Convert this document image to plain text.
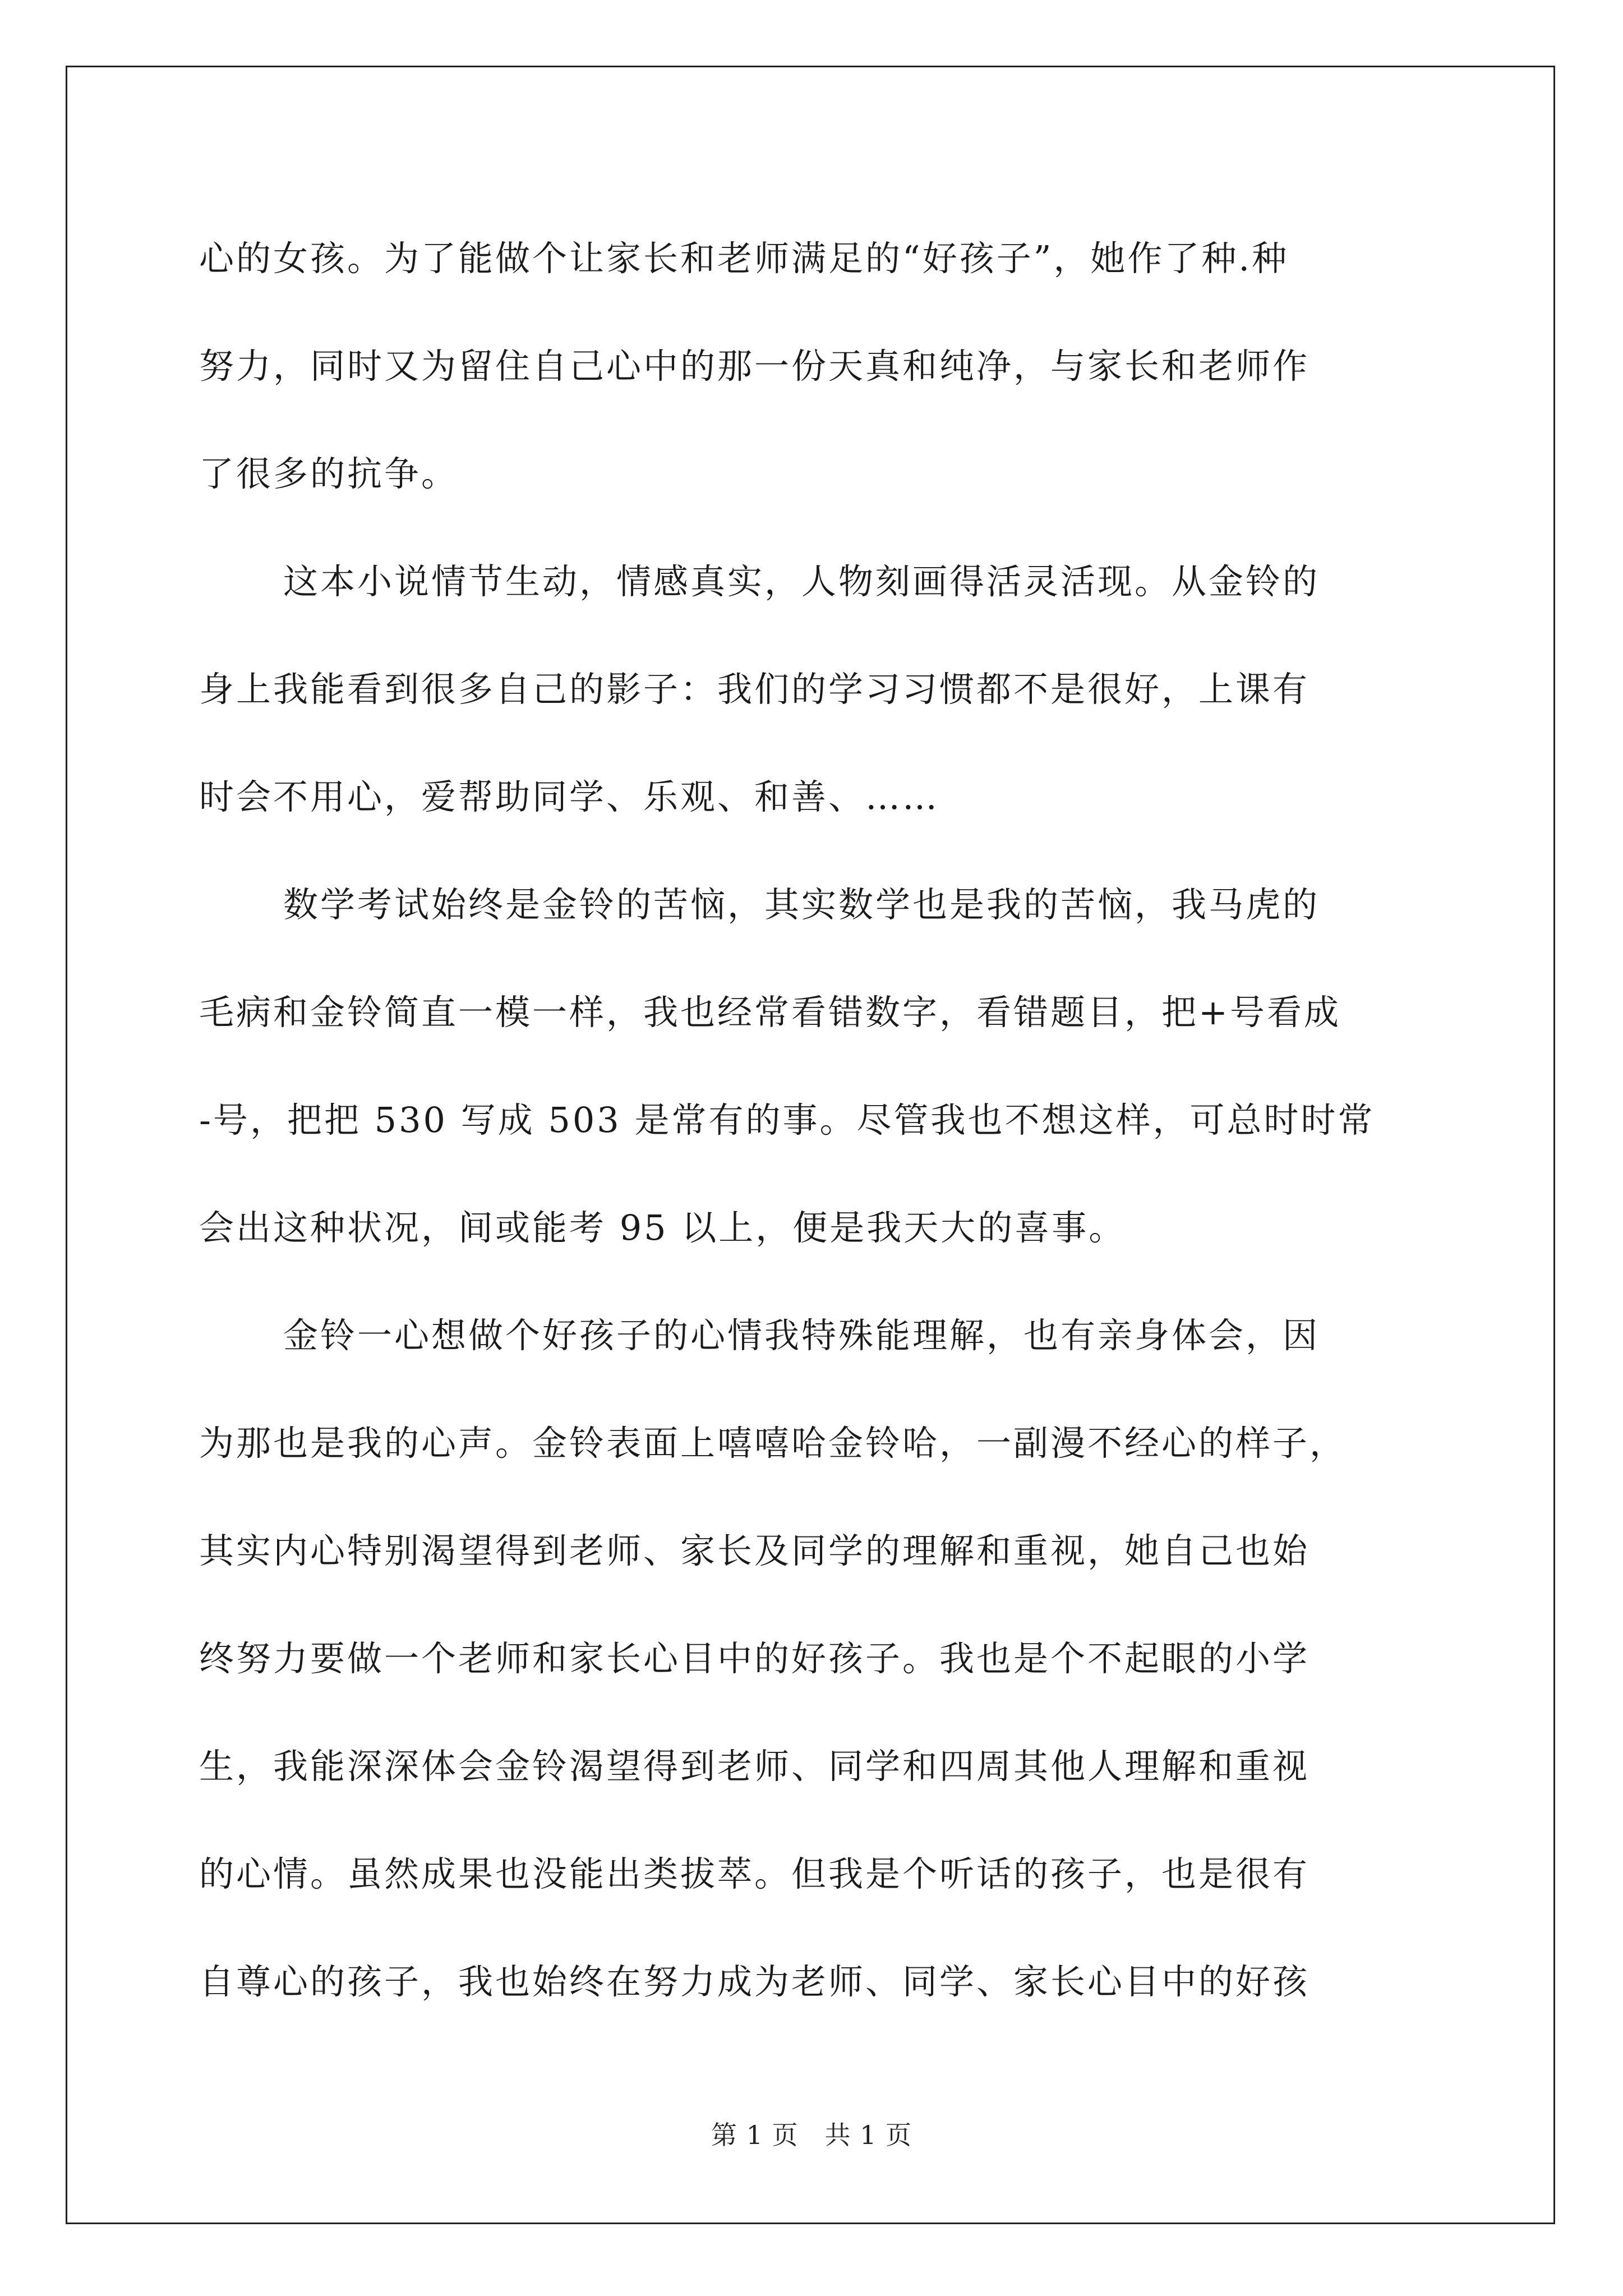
心的女孩。为了能做个让家长和老师满足的“好孩子”，她作了种.种
努力，同时又为留住自己心中的那一份天真和纯净，与家长和老师作
了很多的抗争。
这本小说情节生动，情感真实，人物刻画得活灵活现。从金铃的
身上我能看到很多自己的影子：我们的学习习惯都不是很好，上课有
时会不用心，爱帮助同学、乐观、和善、……
数学考试始终是金铃的苦恼，其实数学也是我的苦恼，我马虎的
毛病和金铃简直一模一样，我也经常看错数字，看错题目，把+号看成
-号，把把 530 写成 503 是常有的事。尽管我也不想这样，可总时时常
会出这种状况，间或能考 95 以上，便是我天大的喜事。
金铃一心想做个好孩子的心情我特殊能理解，也有亲身体会，因
为那也是我的心声。金铃表面上嘻嘻哈金铃哈，一副漫不经心的样子，
其实内心特别渴望得到老师、家长及同学的理解和重视，她自己也始
终努力要做一个老师和家长心目中的好孩子。我也是个不起眼的小学
生，我能深深体会金铃渴望得到老师、同学和四周其他人理解和重视
的心情。虽然成果也没能出类拔萃。但我是个听话的孩子，也是很有
自尊心的孩子，我也始终在努力成为老师、同学、家长心目中的好孩
第 1 页　共 1 页
